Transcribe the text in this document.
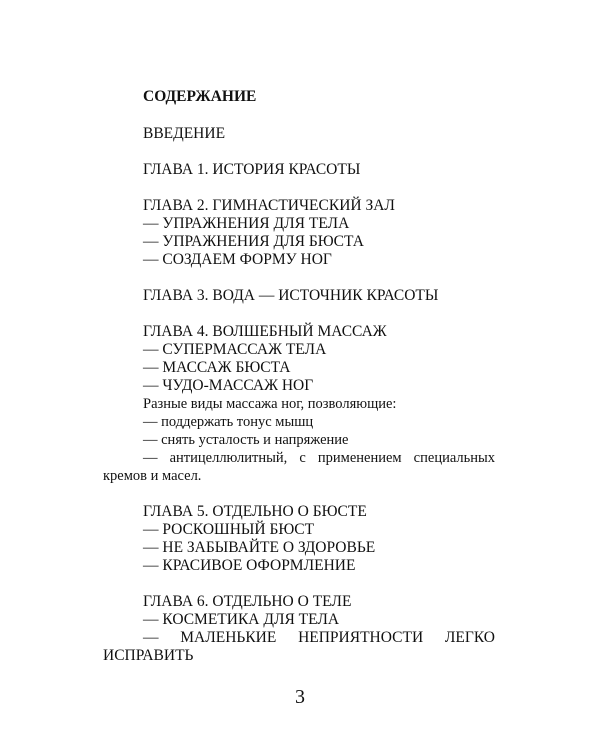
СОДЕРЖАНИЕ
ВВЕДЕНИЕ
ГЛАВА 1. ИСТОРИЯ КРАСОТЫ
ГЛАВА 2. ГИМНАСТИЧЕСКИЙ ЗАЛ
— УПРАЖНЕНИЯ ДЛЯ ТЕЛА
— УПРАЖНЕНИЯ ДЛЯ БЮСТА
— СОЗДАЕМ ФОРМУ НОГ
ГЛАВА 3. ВОДА — ИСТОЧНИК КРАСОТЫ
ГЛАВА 4. ВОЛШЕБНЫЙ МАССАЖ
— СУПЕРМАССАЖ ТЕЛА
— МАССАЖ БЮСТА
— ЧУДО-МАССАЖ НОГ
Разные виды массажа ног, позволяющие:
— поддержать тонус мышц
— снять усталость и напряжение
— антицеллюлитный, с применением специальных
кремов и масел.
ГЛАВА 5. ОТДЕЛЬНО О БЮСТЕ
— РОСКОШНЫЙ БЮСТ
— НЕ ЗАБЫВАЙТЕ О ЗДОРОВЬЕ
— КРАСИВОЕ ОФОРМЛЕНИЕ
ГЛАВА 6. ОТДЕЛЬНО О ТЕЛЕ
— КОСМЕТИКА ДЛЯ ТЕЛА
— МАЛЕНЬКИЕ НЕПРИЯТНОСТИ ЛЕГКО
ИСПРАВИТЬ
3
